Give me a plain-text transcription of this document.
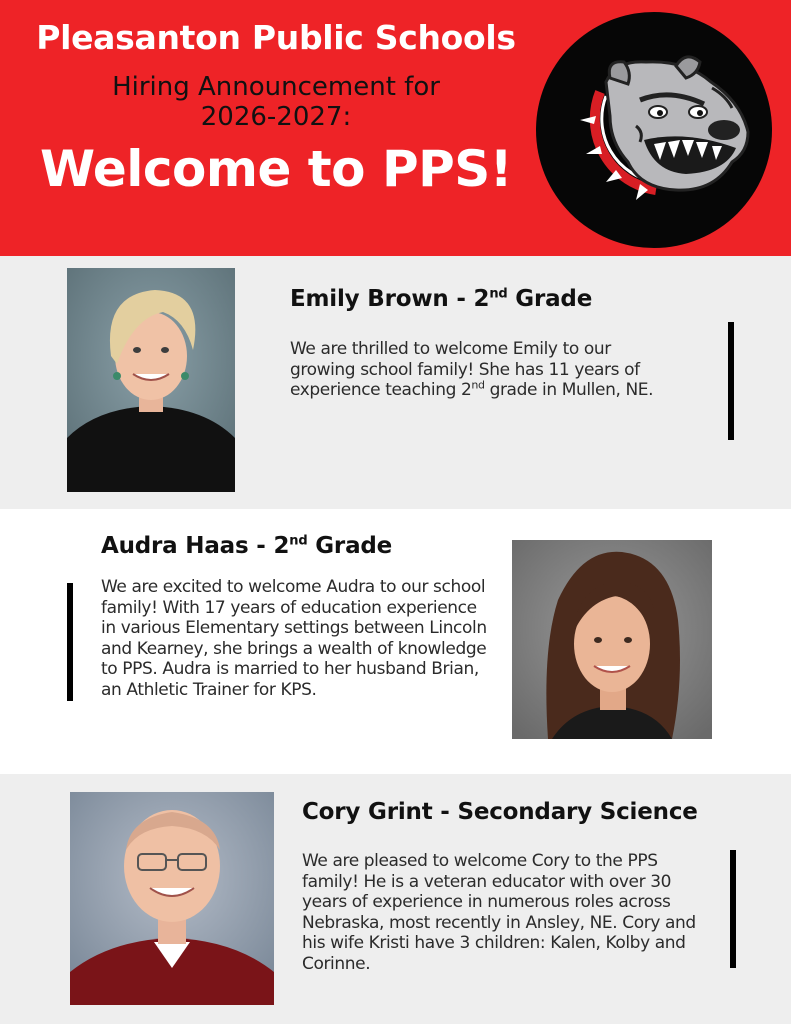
Pleasanton Public Schools
Hiring Announcement for
2026-2027:
Welcome to PPS!
Emily Brown - 2nd Grade
We are thrilled to welcome Emily to our growing school family! She has 11 years of experience teaching 2nd grade in Mullen, NE.
Audra Haas - 2nd Grade
We are excited to welcome Audra to our school family! With 17 years of education experience in various Elementary settings between Lincoln and Kearney, she brings a wealth of knowledge to PPS. Audra is married to her husband Brian, an Athletic Trainer for KPS.
Cory Grint - Secondary Science
We are pleased to welcome Cory to the PPS family! He is a veteran educator with over 30 years of experience in numerous roles across Nebraska, most recently in Ansley, NE. Cory and his wife Kristi have 3 children: Kalen, Kolby and Corinne.
